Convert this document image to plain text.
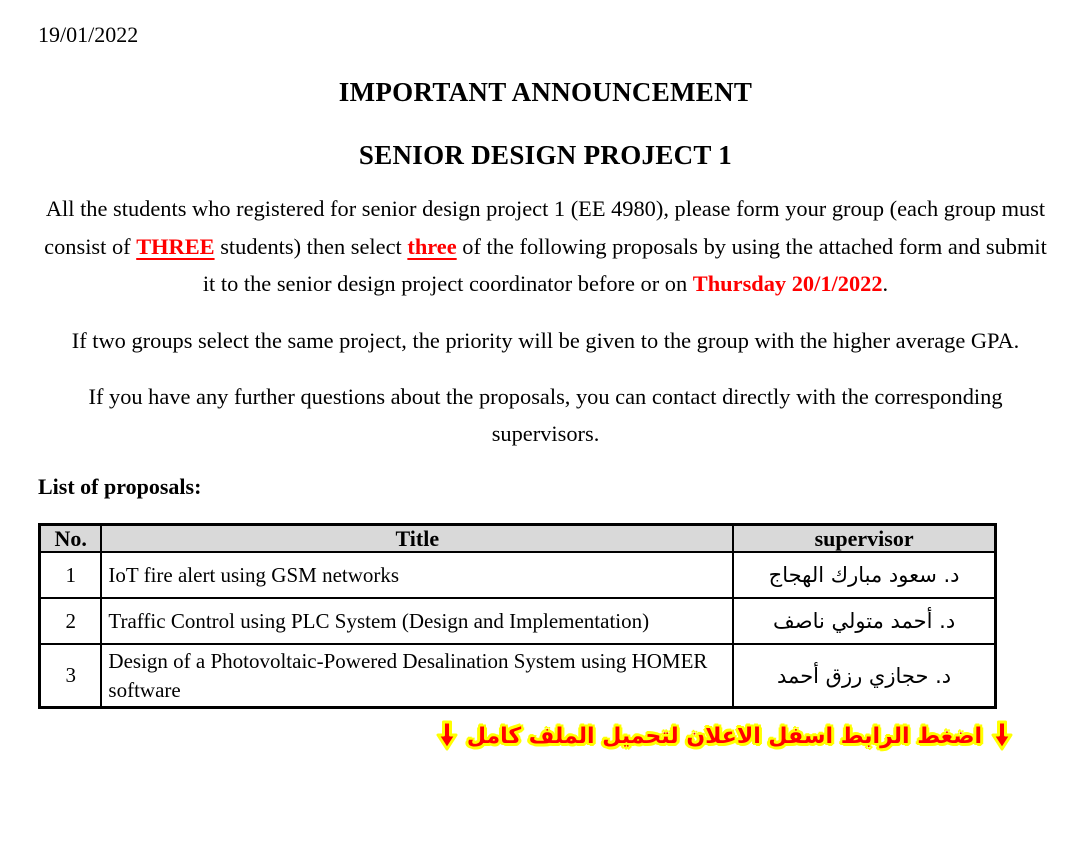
19/01/2022
IMPORTANT ANNOUNCEMENT
SENIOR DESIGN PROJECT 1

All the students who registered for senior design project 1 (EE 4980), please form your group (each group must consist of THREE students) then select three of the following proposals by using the attached form and submit it to the senior design project coordinator before or on Thursday 20/1/2022.

If two groups select the same project, the priority will be given to the group with the higher average GPA.

If you have any further questions about the proposals, you can contact directly with the corresponding supervisors.

List of proposals:
No.	Title	supervisor
1	IoT fire alert using GSM networks	د. سعود مبارك الهجاج
2	Traffic Control using PLC System (Design and Implementation)	د. أحمد متولي ناصف
3	Design of a Photovoltaic-Powered Desalination System using HOMER software	د. حجازي رزق أحمد
اضغط الرابط اسفل الاعلان لتحميل الملف كامل
